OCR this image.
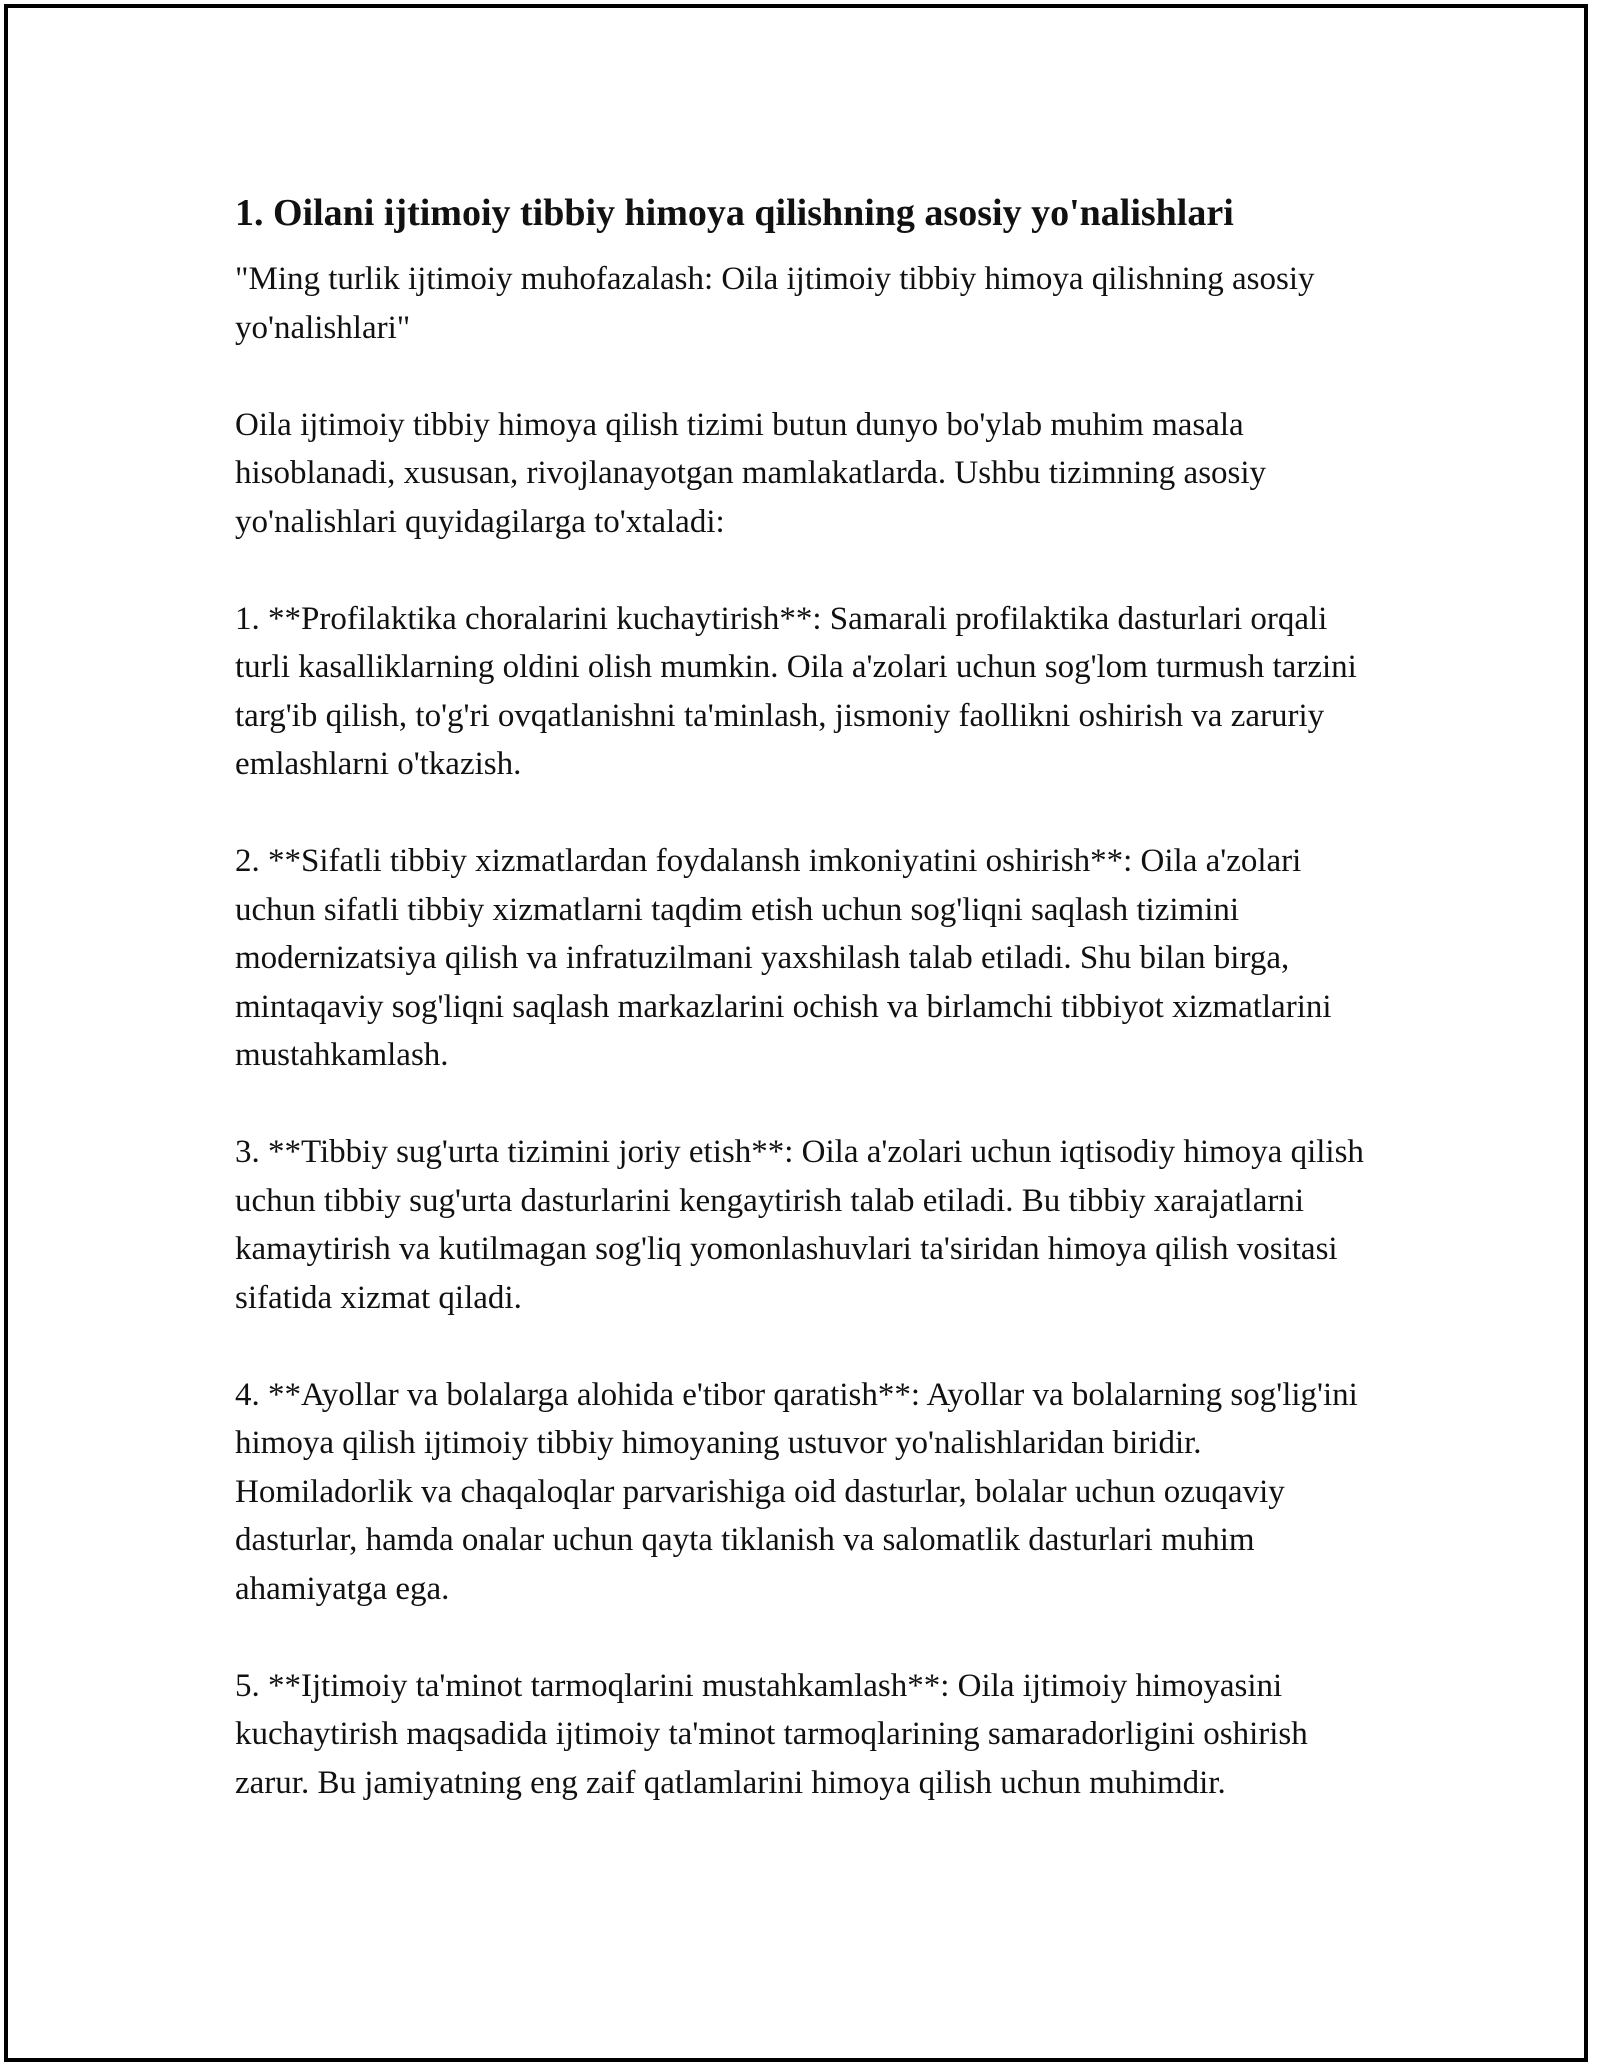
1. Oilani ijtimoiy tibbiy himoya qilishning asosiy yo'nalishlari

"Ming turlik ijtimoiy muhofazalash: Oila ijtimoiy tibbiy himoya qilishning asosiy yo'nalishlari"

Oila ijtimoiy tibbiy himoya qilish tizimi butun dunyo bo'ylab muhim masala hisoblanadi, xususan, rivojlanayotgan mamlakatlarda. Ushbu tizimning asosiy yo'nalishlari quyidagilarga to'xtaladi:

1. **Profilaktika choralarini kuchaytirish**: Samarali profilaktika dasturlari orqali turli kasalliklarning oldini olish mumkin. Oila a'zolari uchun sog'lom turmush tarzini targ'ib qilish, to'g'ri ovqatlanishni ta'minlash, jismoniy faollikni oshirish va zaruriy emlashlarni o'tkazish.

2. **Sifatli tibbiy xizmatlardan foydalansh imkoniyatini oshirish**: Oila a'zolari uchun sifatli tibbiy xizmatlarni taqdim etish uchun sog'liqni saqlash tizimini modernizatsiya qilish va infratuzilmani yaxshilash talab etiladi. Shu bilan birga, mintaqaviy sog'liqni saqlash markazlarini ochish va birlamchi tibbiyot xizmatlarini mustahkamlash.

3. **Tibbiy sug'urta tizimini joriy etish**: Oila a'zolari uchun iqtisodiy himoya qilish uchun tibbiy sug'urta dasturlarini kengaytirish talab etiladi. Bu tibbiy xarajatlarni kamaytirish va kutilmagan sog'liq yomonlashuvlari ta'siridan himoya qilish vositasi sifatida xizmat qiladi.

4. **Ayollar va bolalarga alohida e'tibor qaratish**: Ayollar va bolalarning sog'lig'ini himoya qilish ijtimoiy tibbiy himoyaning ustuvor yo'nalishlaridan biridir. Homiladorlik va chaqaloqlar parvarishiga oid dasturlar, bolalar uchun ozuqaviy dasturlar, hamda onalar uchun qayta tiklanish va salomatlik dasturlari muhim ahamiyatga ega.

5. **Ijtimoiy ta'minot tarmoqlarini mustahkamlash**: Oila ijtimoiy himoyasini kuchaytirish maqsadida ijtimoiy ta'minot tarmoqlarining samaradorligini oshirish zarur. Bu jamiyatning eng zaif qatlamlarini himoya qilish uchun muhimdir.
